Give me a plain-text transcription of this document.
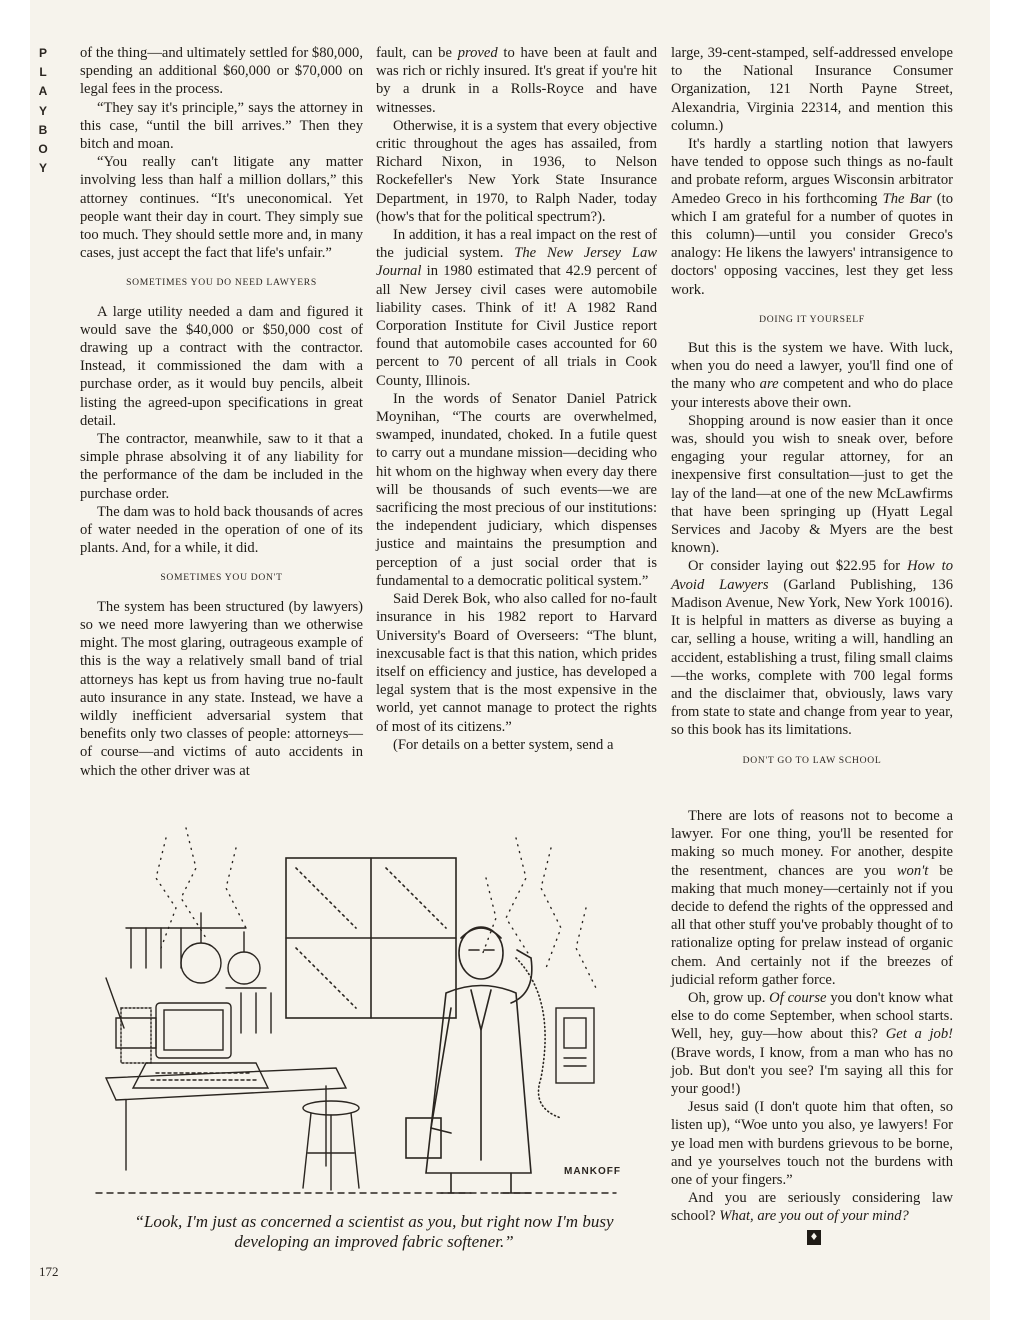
P
L
A
Y
B
O
Y

of the thing—and ultimately settled for $80,000, spending an additional $60,000 or $70,000 on legal fees in the process.

“They say it's principle,” says the attorney in this case, “until the bill arrives.” Then they bitch and moan.

“You really can't litigate any matter involving less than half a million dollars,” this attorney continues. “It's uneconomical. Yet people want their day in court. They simply sue too much. They should settle more and, in many cases, just accept the fact that life's unfair.”

SOMETIMES YOU DO NEED LAWYERS

A large utility needed a dam and figured it would save the $40,000 or $50,000 cost of drawing up a contract with the contractor. Instead, it commissioned the dam with a purchase order, as it would buy pencils, albeit listing the agreed-upon specifications in great detail.

The contractor, meanwhile, saw to it that a simple phrase absolving it of any liability for the performance of the dam be included in the purchase order.

The dam was to hold back thousands of acres of water needed in the operation of one of its plants. And, for a while, it did.

SOMETIMES YOU DON'T

The system has been structured (by lawyers) so we need more lawyering than we otherwise might. The most glaring, outrageous example of this is the way a relatively small band of trial attorneys has kept us from having true no-fault auto insurance in any state. Instead, we have a wildly inefficient adversarial system that benefits only two classes of people: attorneys—of course—and victims of auto accidents in which the other driver was at

fault, can be proved to have been at fault and was rich or richly insured. It's great if you're hit by a drunk in a Rolls-Royce and have witnesses.

Otherwise, it is a system that every objective critic throughout the ages has assailed, from Richard Nixon, in 1936, to Nelson Rockefeller's New York State Insurance Department, in 1970, to Ralph Nader, today (how's that for the political spectrum?).

In addition, it has a real impact on the rest of the judicial system. The New Jersey Law Journal in 1980 estimated that 42.9 percent of all New Jersey civil cases were automobile liability cases. Think of it! A 1982 Rand Corporation Institute for Civil Justice report found that automobile cases accounted for 60 percent to 70 percent of all trials in Cook County, Illinois.

In the words of Senator Daniel Patrick Moynihan, “The courts are overwhelmed, swamped, inundated, choked. In a futile quest to carry out a mundane mission—deciding who hit whom on the highway when every day there will be thousands of such events—we are sacrificing the most precious of our institutions: the independent judiciary, which dispenses justice and maintains the presumption and perception of a just social order that is fundamental to a democratic political system.”

Said Derek Bok, who also called for no-fault insurance in his 1982 report to Harvard University's Board of Overseers: “The blunt, inexcusable fact is that this nation, which prides itself on efficiency and justice, has developed a legal system that is the most expensive in the world, yet cannot manage to protect the rights of most of its citizens.”

(For details on a better system, send a

large, 39-cent-stamped, self-addressed envelope to the National Insurance Consumer Organization, 121 North Payne Street, Alexandria, Virginia 22314, and mention this column.)

It's hardly a startling notion that lawyers have tended to oppose such things as no-fault and probate reform, argues Wisconsin arbitrator Amedeo Greco in his forthcoming The Bar (to which I am grateful for a number of quotes in this column)—until you consider Greco's analogy: He likens the lawyers' intransigence to doctors' opposing vaccines, lest they get less work.

DOING IT YOURSELF

But this is the system we have. With luck, when you do need a lawyer, you'll find one of the many who are competent and who do place your interests above their own.

Shopping around is now easier than it once was, should you wish to sneak over, before engaging your regular attorney, for an inexpensive first consultation—just to get the lay of the land—at one of the new McLawfirms that have been springing up (Hyatt Legal Services and Jacoby & Myers are the best known).

Or consider laying out $22.95 for How to Avoid Lawyers (Garland Publishing, 136 Madison Avenue, New York, New York 10016). It is helpful in matters as diverse as buying a car, selling a house, writing a will, handling an accident, establishing a trust, filing small claims—the works, complete with 700 legal forms and the disclaimer that, obviously, laws vary from state to state and change from year to year, so this book has its limitations.

DON'T GO TO LAW SCHOOL

There are lots of reasons not to become a lawyer. For one thing, you'll be resented for making so much money. For another, despite the resentment, chances are you won't be making that much money—certainly not if you decide to defend the rights of the oppressed and all that other stuff you've probably thought of to rationalize opting for prelaw instead of organic chem. And certainly not if the breezes of judicial reform gather force.

Oh, grow up. Of course you don't know what else to do come September, when school starts. Well, hey, guy—how about this? Get a job! (Brave words, I know, from a man who has no job. But don't you see? I'm saying all this for your good!)

Jesus said (I don't quote him that often, so listen up), “Woe unto you also, ye lawyers! For ye load men with burdens grievous to be borne, and ye yourselves touch not the burdens with one of your fingers.”

And you are seriously considering law school? What, are you out of your mind?

♦
MANKOFF
“Look, I'm just as concerned a scientist as you, but right now I'm busy developing an improved fabric softener.”
172
